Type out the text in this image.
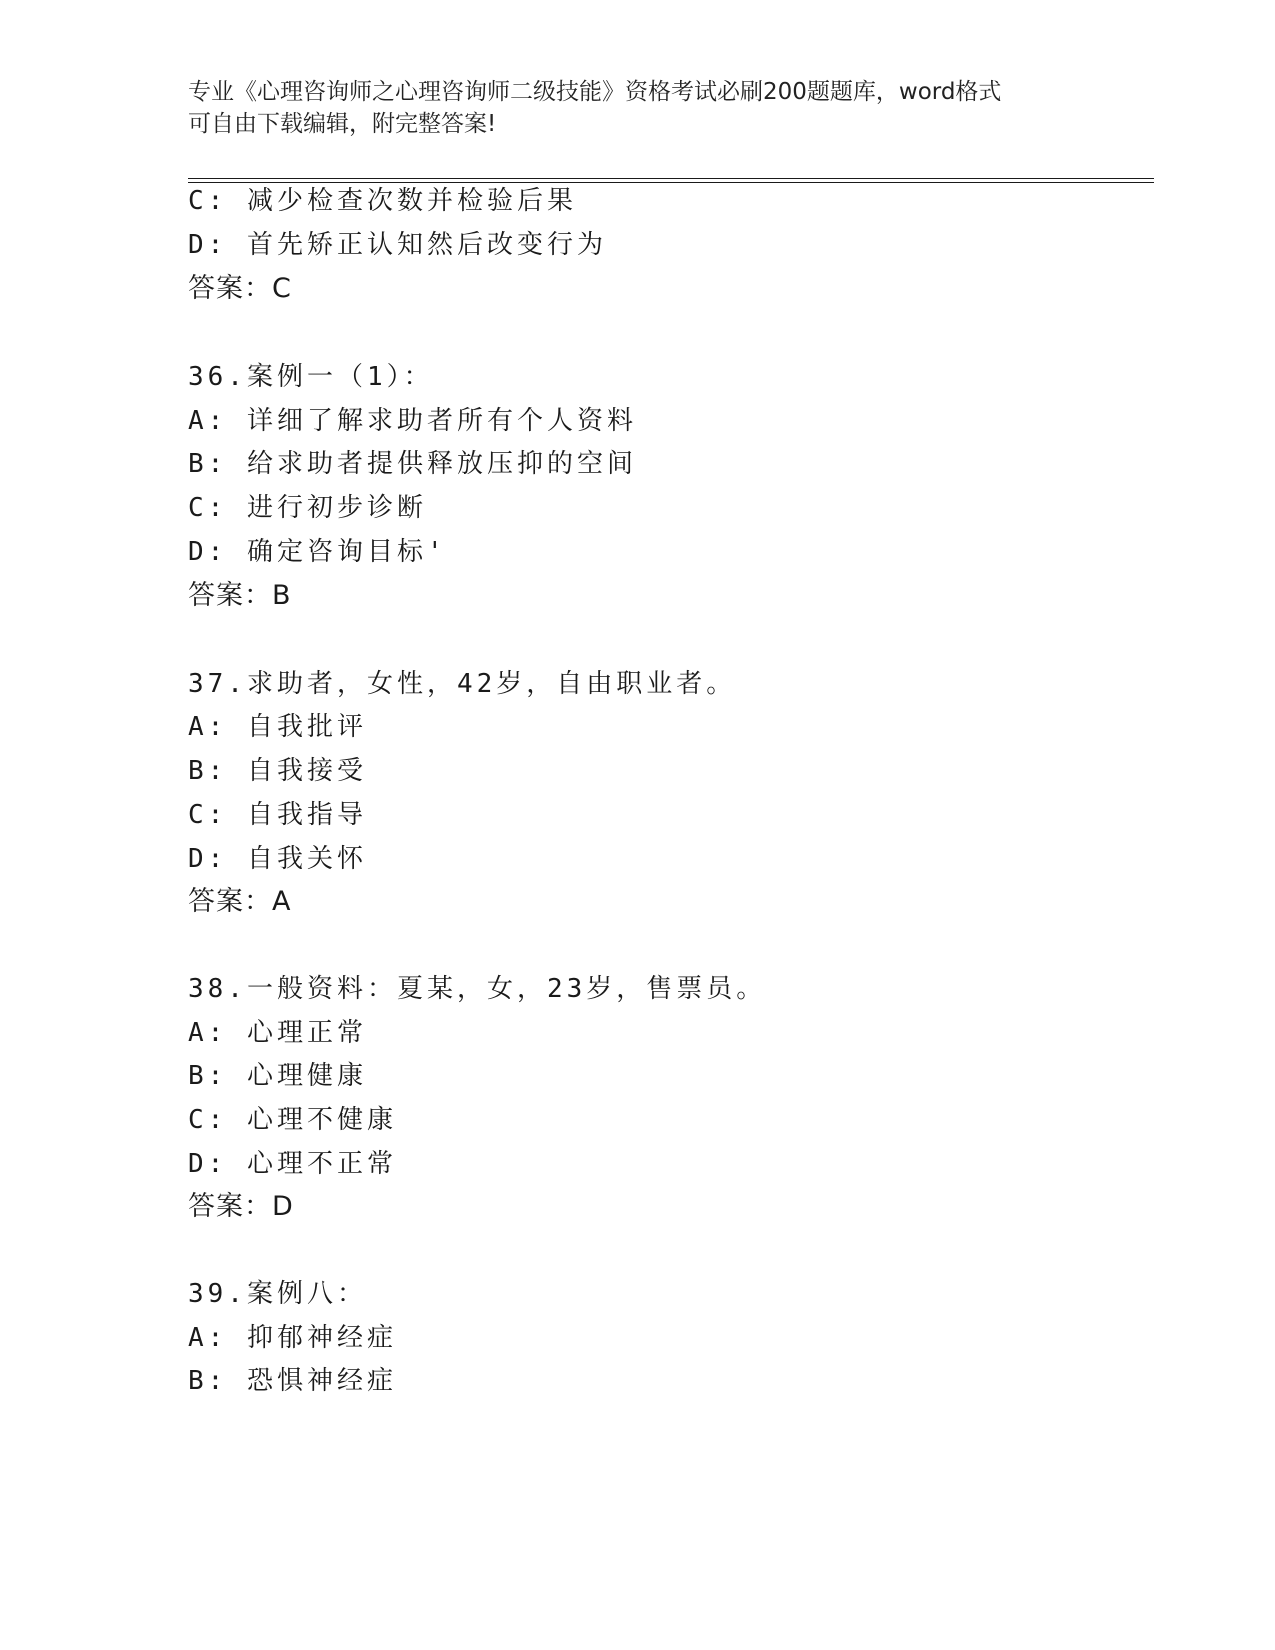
专业《心理咨询师之心理咨询师二级技能》资格考试必刷200题题库，word格式
可自由下载编辑，附完整答案!
C: 减少检查次数并检验后果
D: 首先矫正认知然后改变行为
答案：C
36.案例一（1）：
A: 详细了解求助者所有个人资料
B: 给求助者提供释放压抑的空间
C: 进行初步诊断
D: 确定咨询目标'
答案：B
37.求助者，女性，42岁，自由职业者。
A: 自我批评
B: 自我接受
C: 自我指导
D: 自我关怀
答案：A
38.一般资料：夏某，女，23岁，售票员。
A: 心理正常
B: 心理健康
C: 心理不健康
D: 心理不正常
答案：D
39.案例八：
A: 抑郁神经症
B: 恐惧神经症
